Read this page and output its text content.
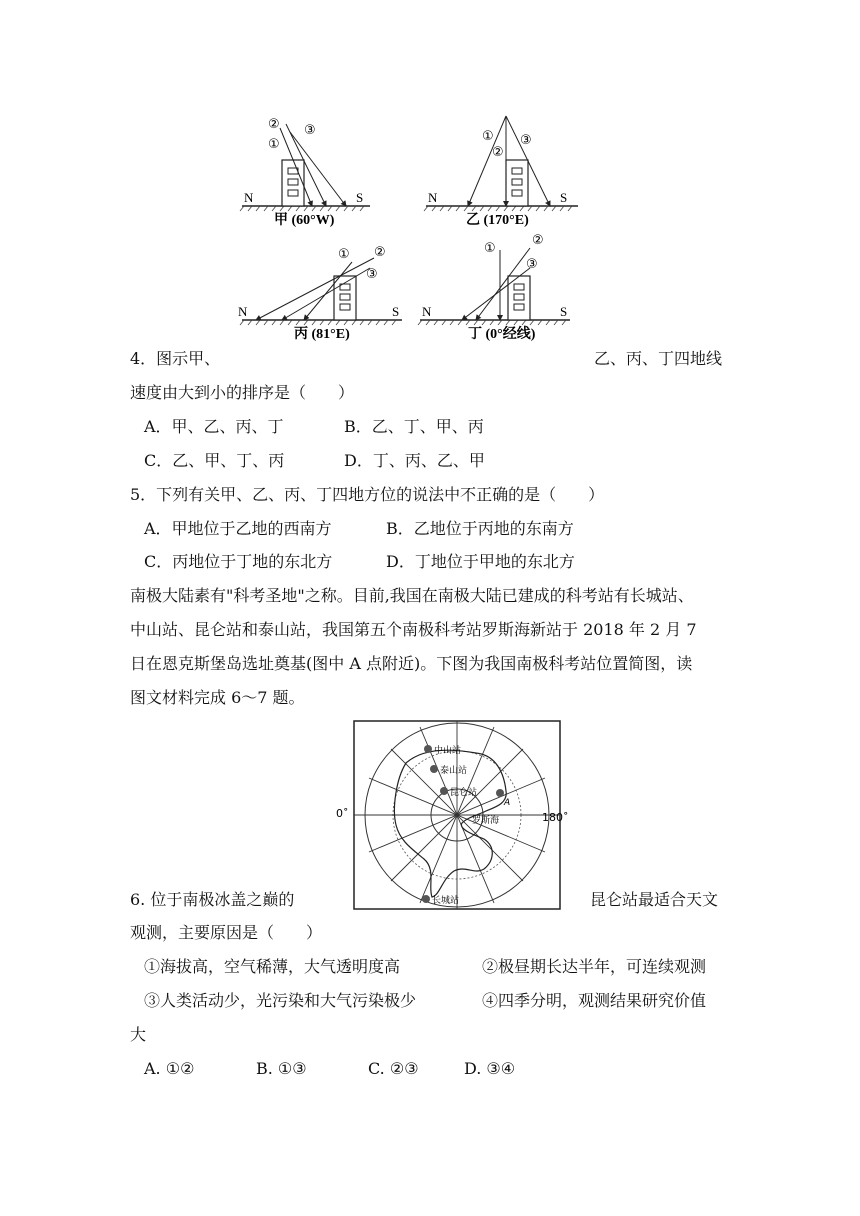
②
①
③
N	S
甲 (60°W)
①
②
③
N	S
乙 (170°E)
① ②
③
N	S
丙 (81°E)
①
②
③
N	S
丁 (0°经线)
4．图示甲、	乙、丙、丁四地线
速度由大到小的排序是（　　）
A．甲、乙、丙、丁	B．乙、丁、甲、丙
C．乙、甲、丁、丙	D．丁、丙、乙、甲
5．下列有关甲、乙、丙、丁四地方位的说法中不正确的是（　　）
A．甲地位于乙地的西南方	B．乙地位于丙地的东南方
C．丙地位于丁地的东北方	D．丁地位于甲地的东北方
南极大陆素有"科考圣地"之称。目前,我国在南极大陆已建成的科考站有长城站、
中山站、昆仑站和泰山站，我国第五个南极科考站罗斯海新站于 2018 年 2 月 7
日在恩克斯堡岛选址奠基(图中 A 点附近)。下图为我国南极科考站位置简图，读
图文材料完成 6～7 题。
中山站
泰山站
昆仑站
A
罗斯海
长城站
0˚	180˚
6. 位于南极冰盖之巅的	昆仑站最适合天文
观测，主要原因是（　　）
①海拔高，空气稀薄，大气透明度高	②极昼期长达半年，可连续观测
③人类活动少，光污染和大气污染极少	④四季分明，观测结果研究价值
大
A. ①②	B. ①③	C. ②③	D. ③④
